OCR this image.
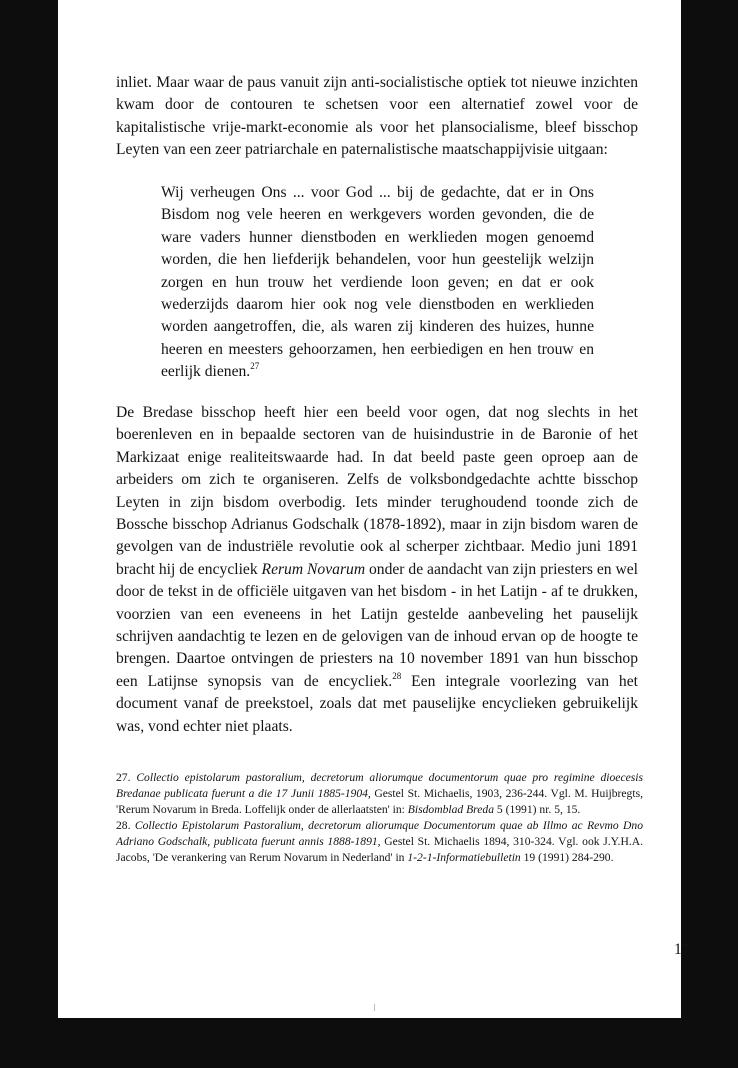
inliet. Maar waar de paus vanuit zijn anti-socialistische optiek tot nieuwe inzichten kwam door de contouren te schetsen voor een alternatief zowel voor de kapitalistische vrije-markt-economie als voor het plansocialisme, bleef bisschop Leyten van een zeer patriarchale en paternalistische maatschappijvisie uitgaan:

Wij verheugen Ons ... voor God ... bij de gedachte, dat er in Ons Bisdom nog vele heeren en werkgevers worden gevonden, die de ware vaders hunner dienstboden en werklieden mogen genoemd worden, die hen liefderijk behandelen, voor hun geestelijk welzijn zorgen en hun trouw het verdiende loon geven; en dat er ook wederzijds daarom hier ook nog vele dienstboden en werklieden worden aangetroffen, die, als waren zij kinderen des huizes, hunne heeren en meesters gehoorzamen, hen eerbiedigen en hen trouw en eerlijk dienen.$^{27}$

De Bredase bisschop heeft hier een beeld voor ogen, dat nog slechts in het boerenleven en in bepaalde sectoren van de huisindustrie in de Baronie of het Markizaat enige realiteitswaarde had. In dat beeld paste geen oproep aan de arbeiders om zich te organiseren. Zelfs de volksbondgedachte achtte bisschop Leyten in zijn bisdom overbodig. Iets minder terughoudend toonde zich de Bossche bisschop Adrianus Godschalk (1878-1892), maar in zijn bisdom waren de gevolgen van de industriële revolutie ook al scherper zichtbaar. Medio juni 1891 bracht hij de encycliek Rerum Novarum onder de aandacht van zijn priesters en wel door de tekst in de officiële uitgaven van het bisdom - in het Latijn - af te drukken, voorzien van een eveneens in het Latijn gestelde aanbeveling het pauselijk schrijven aandachtig te lezen en de gelovigen van de inhoud ervan op de hoogte te brengen. Daartoe ontvingen de priesters na 10 november 1891 van hun bisschop een Latijnse synopsis van de encycliek.$^{28}$ Een integrale voorlezing van het document vanaf de preekstoel, zoals dat met pauselijke encyclieken gebruikelijk was, vond echter niet plaats.

27. Collectio epistolarum pastoralium, decretorum aliorumque documentorum quae pro regimine dioecesis Bredanae publicata fuerunt a die 17 Junii 1885-1904, Gestel St. Michaelis, 1903, 236-244. Vgl. M. Huijbregts, 'Rerum Novarum in Breda. Loffelijk onder de allerlaatsten' in: Bisdomblad Breda 5 (1991) nr. 5, 15.

28. Collectio Epistolarum Pastoralium, decretorum aliorumque Documentorum quae ab Illmo ac Revmo Dno Adriano Godschalk, publicata fuerunt annis 1888-1891, Gestel St. Michaelis 1894, 310-324. Vgl. ook J.Y.H.A. Jacobs, 'De verankering van Rerum Novarum in Nederland' in 1-2-1-Informatiebulletin 19 (1991) 284-290.

17
